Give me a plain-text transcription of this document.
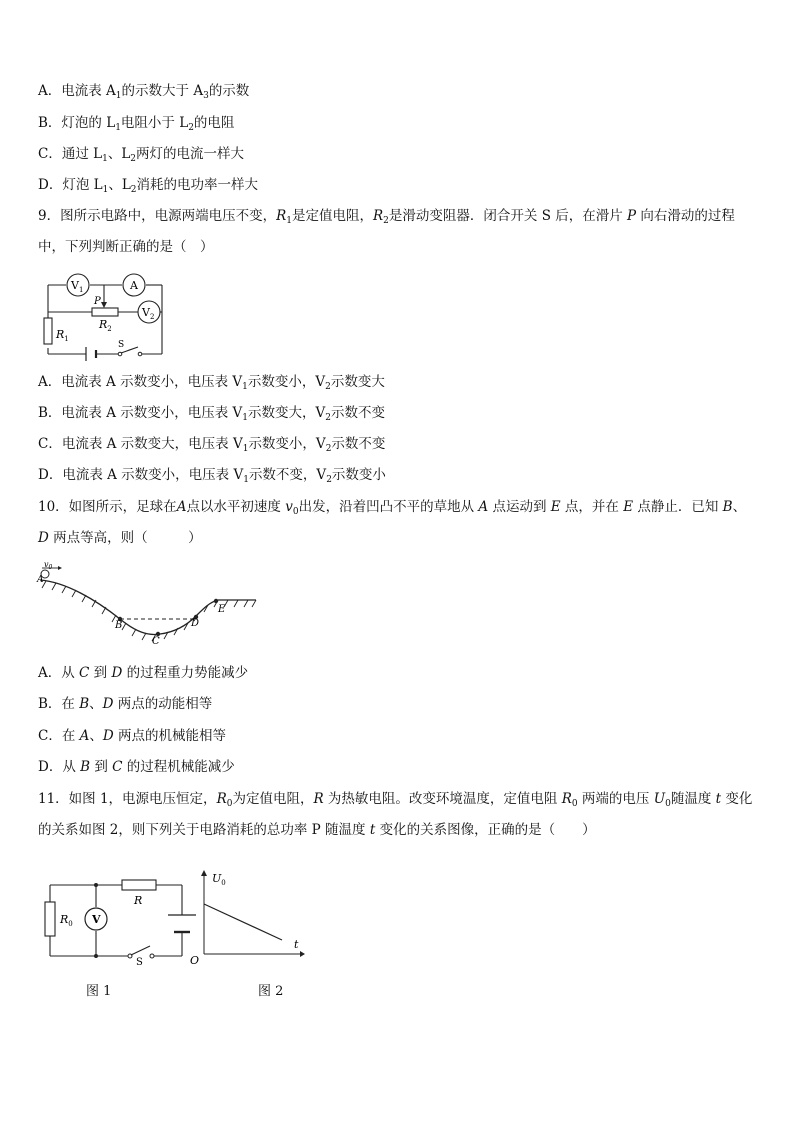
A．电流表 $A_1$的示数大于 $A_3$的示数
B．灯泡的 $L_1$电阻小于 $L_2$的电阻
C．通过 $L_1$、$L_2$两灯的电流一样大
D．灯泡 $L_1$、$L_2$消耗的电功率一样大
9．图所示电路中，电源两端电压不变，$R_1$是定值电阻，$R_2$是滑动变阻器．闭合开关 S 后，在滑片 P 向右滑动的过程
中，下列判断正确的是（　）
$V_1$	A
$V_2$
P
$R_2$
$R_1$
S
A．电流表 A 示数变小，电压表 $V_1$示数变小，$V_2$示数变大
B．电流表 A 示数变小，电压表 $V_1$示数变大，$V_2$示数不变
C．电流表 A 示数变大，电压表 $V_1$示数变小，$V_2$示数不变
D．电流表 A 示数变小，电压表 $V_1$示数不变，$V_2$示数变小
10．如图所示，足球在A点以水平初速度 $v_0$出发，沿着凹凸不平的草地从 A 点运动到 E 点，并在 E 点静止．已知 B、
D 两点等高，则（　　　）
$v_0$
A
B
C
D
E
A．从 C 到 D 的过程重力势能减少
B．在 B、D 两点的动能相等
C．在 A、D 两点的机械能相等
D．从 B 到 C 的过程机械能减少
11．如图 1，电源电压恒定，$R_0$为定值电阻，R 为热敏电阻。改变环境温度，定值电阻 $R_0$ 两端的电压 $U_0$随温度 t 变化
的关系如图 2，则下列关于电路消耗的总功率 P 随温度 t 变化的关系图像，正确的是（　　）
$R_0$ V
R
S
图 1
$U_0$
t
O
图 2
